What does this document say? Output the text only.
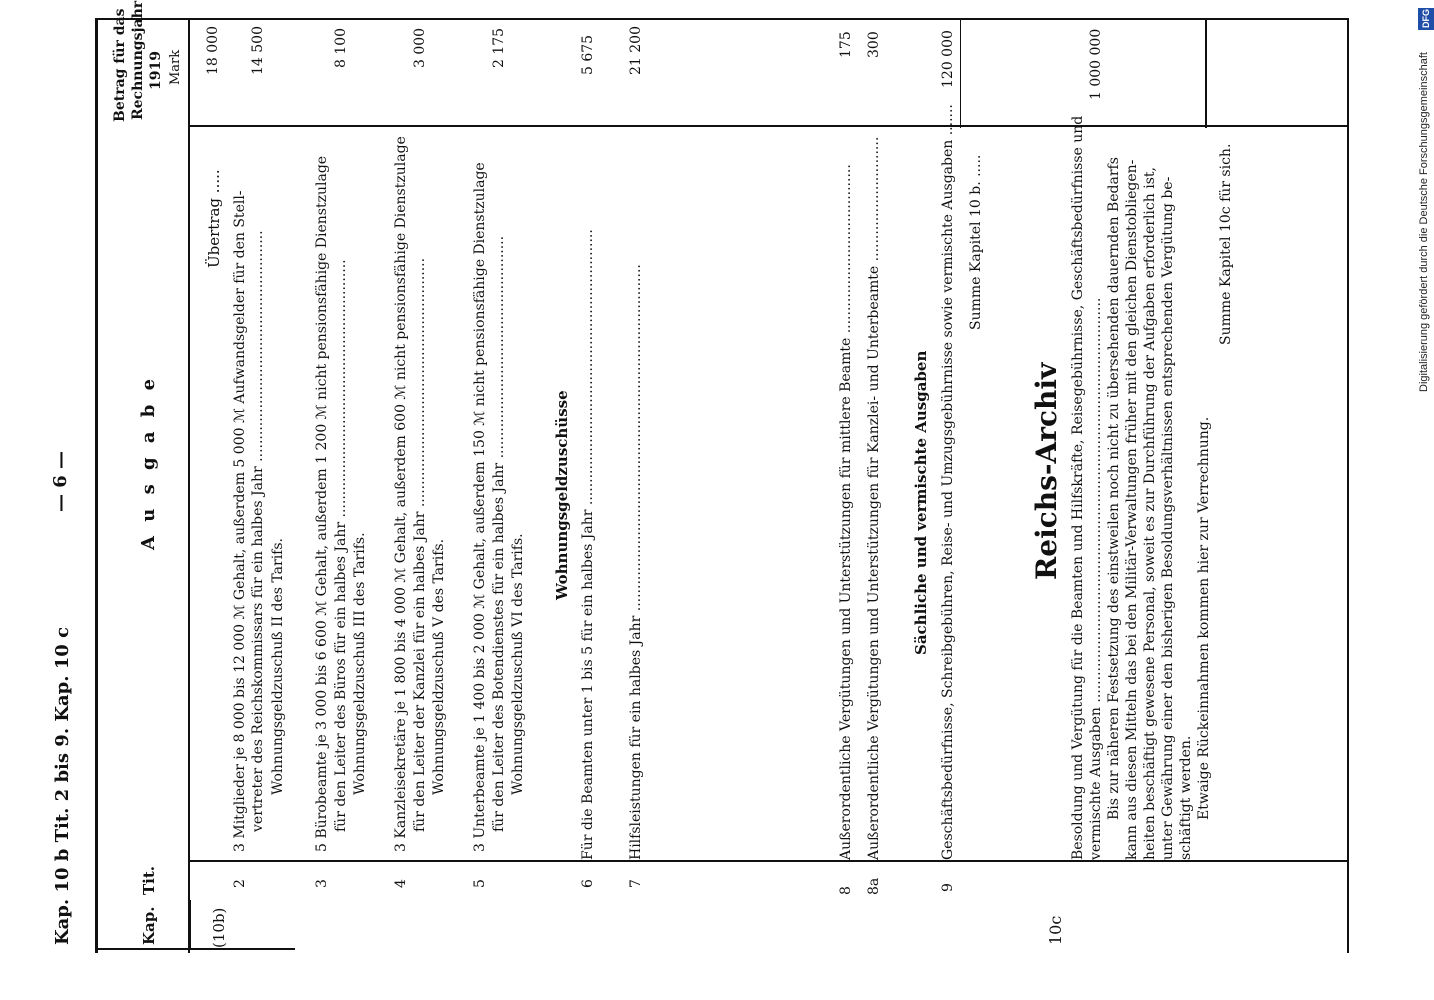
Kap. 10 b Tit. 2 bis 9. Kap. 10 c
— 6 —
Kap.
Tit.
A u s g a b e
Betrag für das Rechnungsjahr 1919 Mark
(10b)	10c
Übertrag .....
18 000
2
3 Mitglieder je 8 000 bis 12 000 ℳ Gehalt, außerdem 5 000 ℳ Aufwandsgelder für den Stell- vertreter des Reichskommissars für ein halbes Jahr .................................................... Wohnungsgeldzuschuß II des Tarifs.
14 500
3
5 Bürobeamte je 3 000 bis 6 600 ℳ Gehalt, außerdem 1 200 ℳ nicht pensionsfähige Dienstzulage für den Leiter des Büros für ein halbes Jahr .......................................................... Wohnungsgeldzuschuß III des Tarifs.
8 100
4
3 Kanzleisekretäre je 1 800 bis 4 000 ℳ Gehalt, außerdem 600 ℳ nicht pensionsfähige Dienstzulage für den Leiter der Kanzlei für ein halbes Jahr ........................................................ Wohnungsgeldzuschuß V des Tarifs.
3 000
5
3 Unterbeamte je 1 400 bis 2 000 ℳ Gehalt, außerdem 150 ℳ nicht pensionsfähige Dienstzulage für den Leiter des Botendienstes für ein halbes Jahr .................................................. Wohnungsgeldzuschuß VI des Tarifs.
2 175
Wohnungsgeldzuschüsse
6
Für die Beamten unter 1 bis 5 für ein halbes Jahr ..............................................................
5 675
7
Hilfsleistungen für ein halbes Jahr ..............................................................................
21 200
8
Außerordentliche Vergütungen und Unterstützungen für mittlere Beamte ......................................
175
8a
Außerordentliche Vergütungen und Unterstützungen für Kanzlei- und Unterbeamte ............................
300
Sächliche und vermischte Ausgaben
9
Geschäftsbedürfnisse, Schreibgebühren, Reise- und Umzugsgebührnisse sowie vermischte Ausgaben .......
120 000
Summe Kapitel 10 b. .....
Reichs-Archiv Besoldung und Vergütung für die Beamten und Hilfskräfte, Reisegebührnisse, Geschäftsbedürfnisse und vermischte Ausgaben ........................................................................................... Bis zur näheren Festsetzung des einstweilen noch nicht zu übersehenden dauernden Bedarfs kann aus diesen Mitteln das bei den Militär-Verwaltungen früher mit den gleichen Dienstobliegen- heiten beschäftigt gewesene Personal, soweit es zur Durchführung der Aufgaben erforderlich ist, unter Gewährung einer den bisherigen Besoldungsverhältnissen entsprechenden Vergütung be- schäftigt werden. Etwaige Rückeinnahmen kommen hier zur Verrechnung.
1 000 000
Summe Kapitel 10c für sich.	Digitalisierung gefördert durch die Deutsche Forschungsgemeinschaft
DFG
